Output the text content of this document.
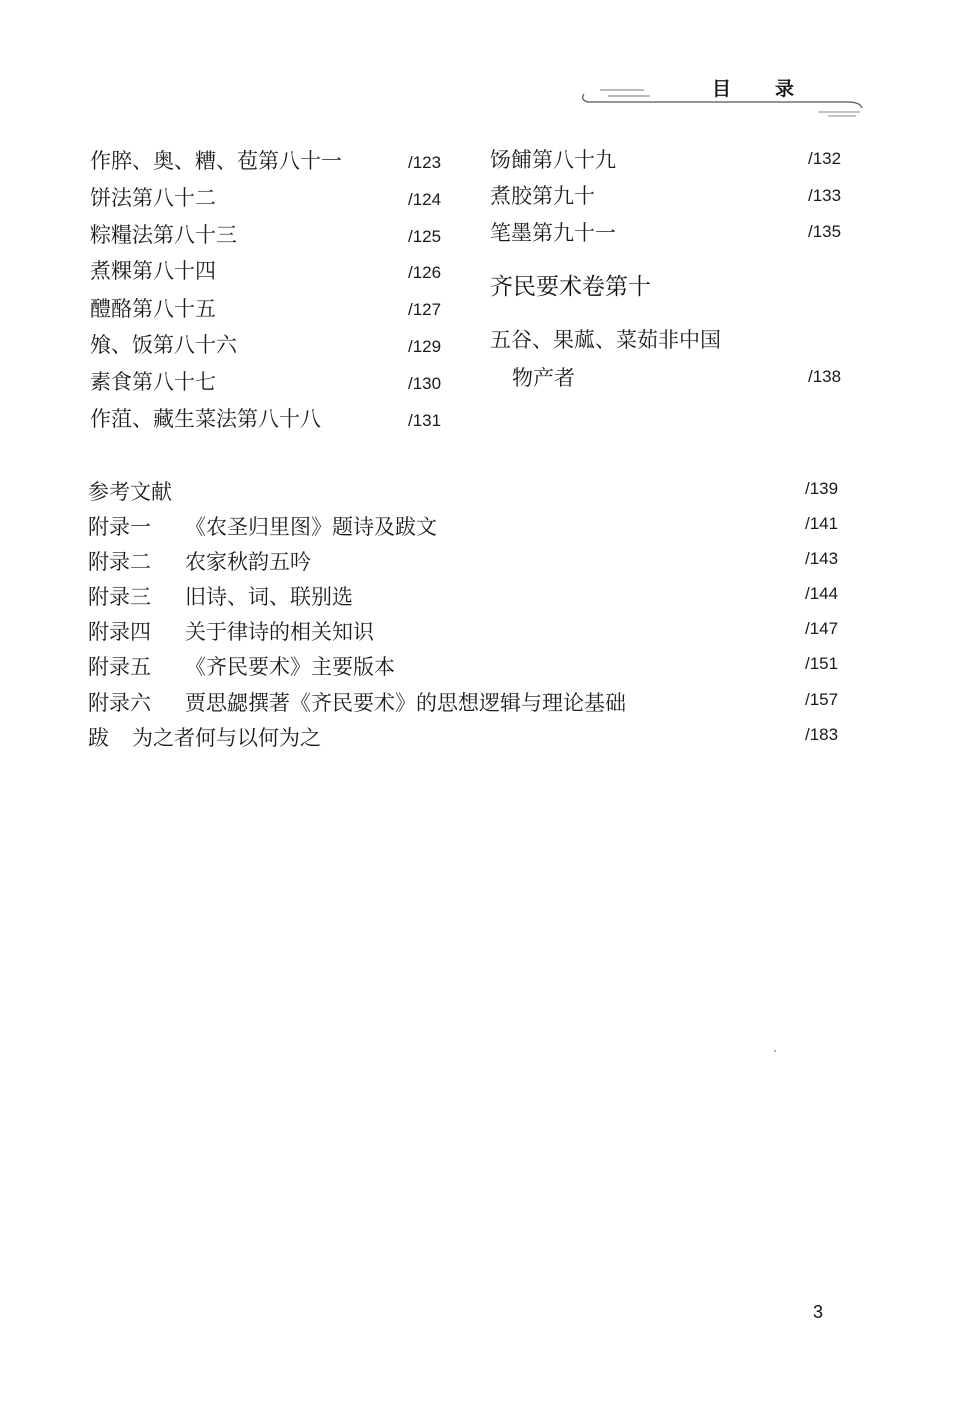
目录
作脺、奥、糟、苞第八十一	/123
饼法第八十二	/124
粽糧法第八十三	/125
煮粿第八十四	/126
醴酪第八十五	/127
飧、饭第八十六	/129
素食第八十七	/130
作菹、藏生菜法第八十八	/131
饧餔第八十九	/132
煮胶第九十	/133
笔墨第九十一	/135
齐民要术卷第十
五谷、果蓏、菜茹非中国
物产者	/138
参考文献	/139
附录一 《农圣归里图》题诗及跋文	/141
附录二 农家秋韵五吟	/143
附录三 旧诗、词、联别选	/144
附录四 关于律诗的相关知识	/147
附录五 《齐民要术》主要版本	/151
附录六 贾思勰撰著《齐民要术》的思想逻辑与理论基础	/157
跋 为之者何与以何为之	/183
3
